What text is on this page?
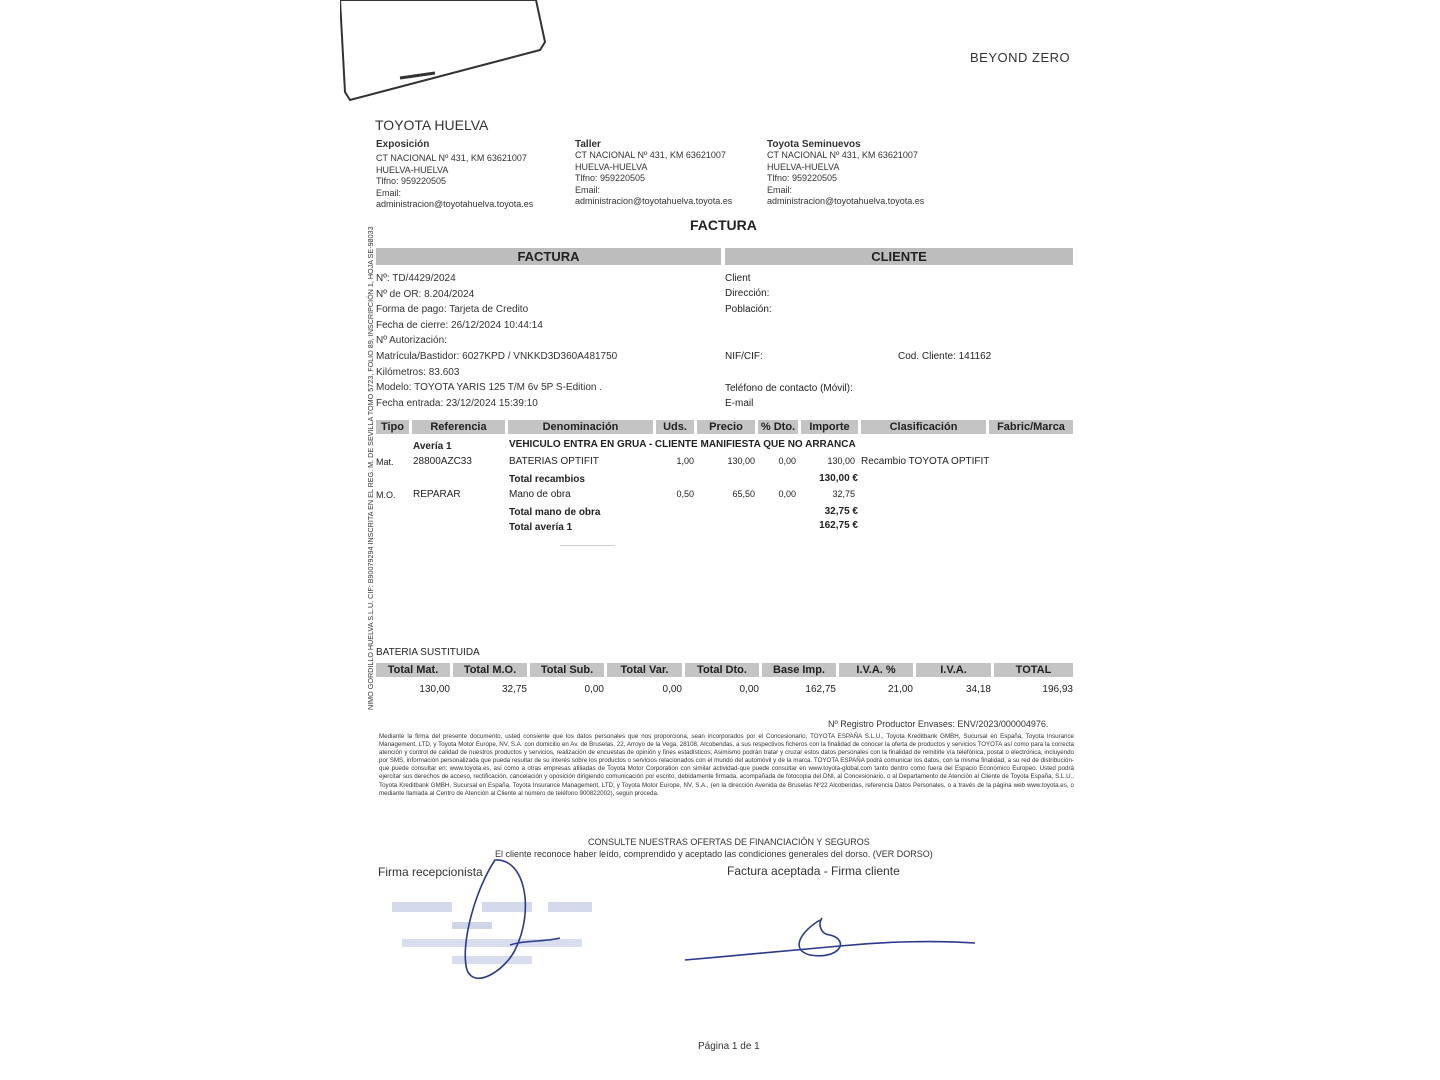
BEYOND ZERO
TOYOTA HUELVA
Exposición
CT NACIONAL Nº 431, KM 63621007
HUELVA-HUELVA
Tlfno: 959220505
Email:
administracion@toyotahuelva.toyota.es
Taller
CT NACIONAL Nº 431, KM 63621007
HUELVA-HUELVA
Tlfno: 959220505
Email:
administracion@toyotahuelva.toyota.es
Toyota Seminuevos
CT NACIONAL Nº 431, KM 63621007
HUELVA-HUELVA
Tlfno: 959220505
Email:
administracion@toyotahuelva.toyota.es
FACTURA
FACTURA	CLIENTE
Nº: TD/4429/2024
Nº de OR: 8.204/2024
Forma de pago: Tarjeta de Credito
Fecha de cierre: 26/12/2024 10:44:14
Nº Autorización:
Matrícula/Bastidor: 6027KPD / VNKKD3D360A481750
Kilómetros: 83.603
Modelo: TOYOTA YARIS 125 T/M 6v 5P S-Edition .
Fecha entrada: 23/12/2024 15:39:10
Client
Dirección:
Población:
NIF/CIF:	Cod. Cliente: 141162
Teléfono de contacto (Móvil):
E-mail
Tipo	Referencia	Denominación	Uds.	Precio	% Dto.	Importe	Clasificación	Fabric/Marca
Avería 1	VEHICULO ENTRA EN GRUA - CLIENTE MANIFIESTA QUE NO ARRANCA
Mat. 28800AZC33	BATERIAS OPTIFIT	1,00	130,00	0,00	130,00 Recambio TOYOTA OPTIFIT
Total recambios	130,00 €
M.O. REPARAR	Mano de obra	0,50	65,50	0,00	32,75
Total mano de obra	32,75 €
Total avería 1	162,75 €
BATERIA SUSTITUIDA
Total Mat.	Total M.O.	Total Sub.	Total Var.	Total Dto.	Base Imp.	I.V.A. %	I.V.A.	TOTAL
130,00	32,75	0,00	0,00	0,00	162,75	21,00	34,18	196,93
NIMO GORDILLO HUELVA S.L.U. CIF: B90079294 INSCRITA EN EL REG. M. DE SEVILLA TOMO 5723, FOLIO 89, INSCRIPCIÓN 1, HOJA SE-98033
Nº Registro Productor Envases: ENV/2023/000004976.
Mediante la firma del presente documento, usted consiente que los datos personales que nos proporciona, sean incorporados por el Concesionario, TOYOTA ESPAÑA S.L.U., Toyota Kreditbank GMBH, Sucursal en España, Toyota Insurance Management, LTD, y Toyota Motor Europe, NV, S.A. con domicilio en Av. de Bruselas, 22, Arroyo de la Vega, 28108, Alcobendas, a sus respectivos ficheros con la finalidad de conocer la oferta de productos y servicios TOYOTA así como para la correcta atención y control de calidad de nuestros productos y servicios, realización de encuestas de opinión y fines estadísticos; Asimismo podrán tratar y cruzar estos datos personales con la finalidad de remitirle vía telefónica, postal o electrónica, incluyendo por SMS, información personalizada que pueda resultar de su interés sobre los productos o servicios relacionados con el mundo del automóvil y de la marca. TOYOTA ESPAÑA podrá comunicar los datos, con la misma finalidad, a su red de distribución-que puede consultar en: www.toyota.es, así como a otras empresas afiliadas de Toyota Motor Corporation con similar actividad-que puede consultar en www.toyota-global.com tanto dentro como fuera del Espacio Económico Europeo. Usted podrá ejercitar sus derechos de acceso, rectificación, cancelación y oposición dirigiendo comunicación por escrito, debidamente firmada, acompañada de fotocopia del DNI, al Concesionario, o al Departamento de Atención al Cliente de Toyota España, S.L.U., Toyota Kreditbank GMBH, Sucursal en España, Toyota Insurance Management, LTD, y Toyota Motor Europe, NV, S.A., (en la dirección Avenida de Bruselas Nº22 Alcobendas, referencia Datos Personales, o a través de la página web www.toyota.es, o mediante llamada al Centro de Atención al Cliente al número de teléfono 900822002), según proceda.
CONSULTE NUESTRAS OFERTAS DE FINANCIACIÓN Y SEGUROS
El cliente reconoce haber leído, comprendido y aceptado las condiciones generales del dorso. (VER DORSO)
Firma recepcionista	Factura aceptada - Firma cliente
Página 1 de 1
